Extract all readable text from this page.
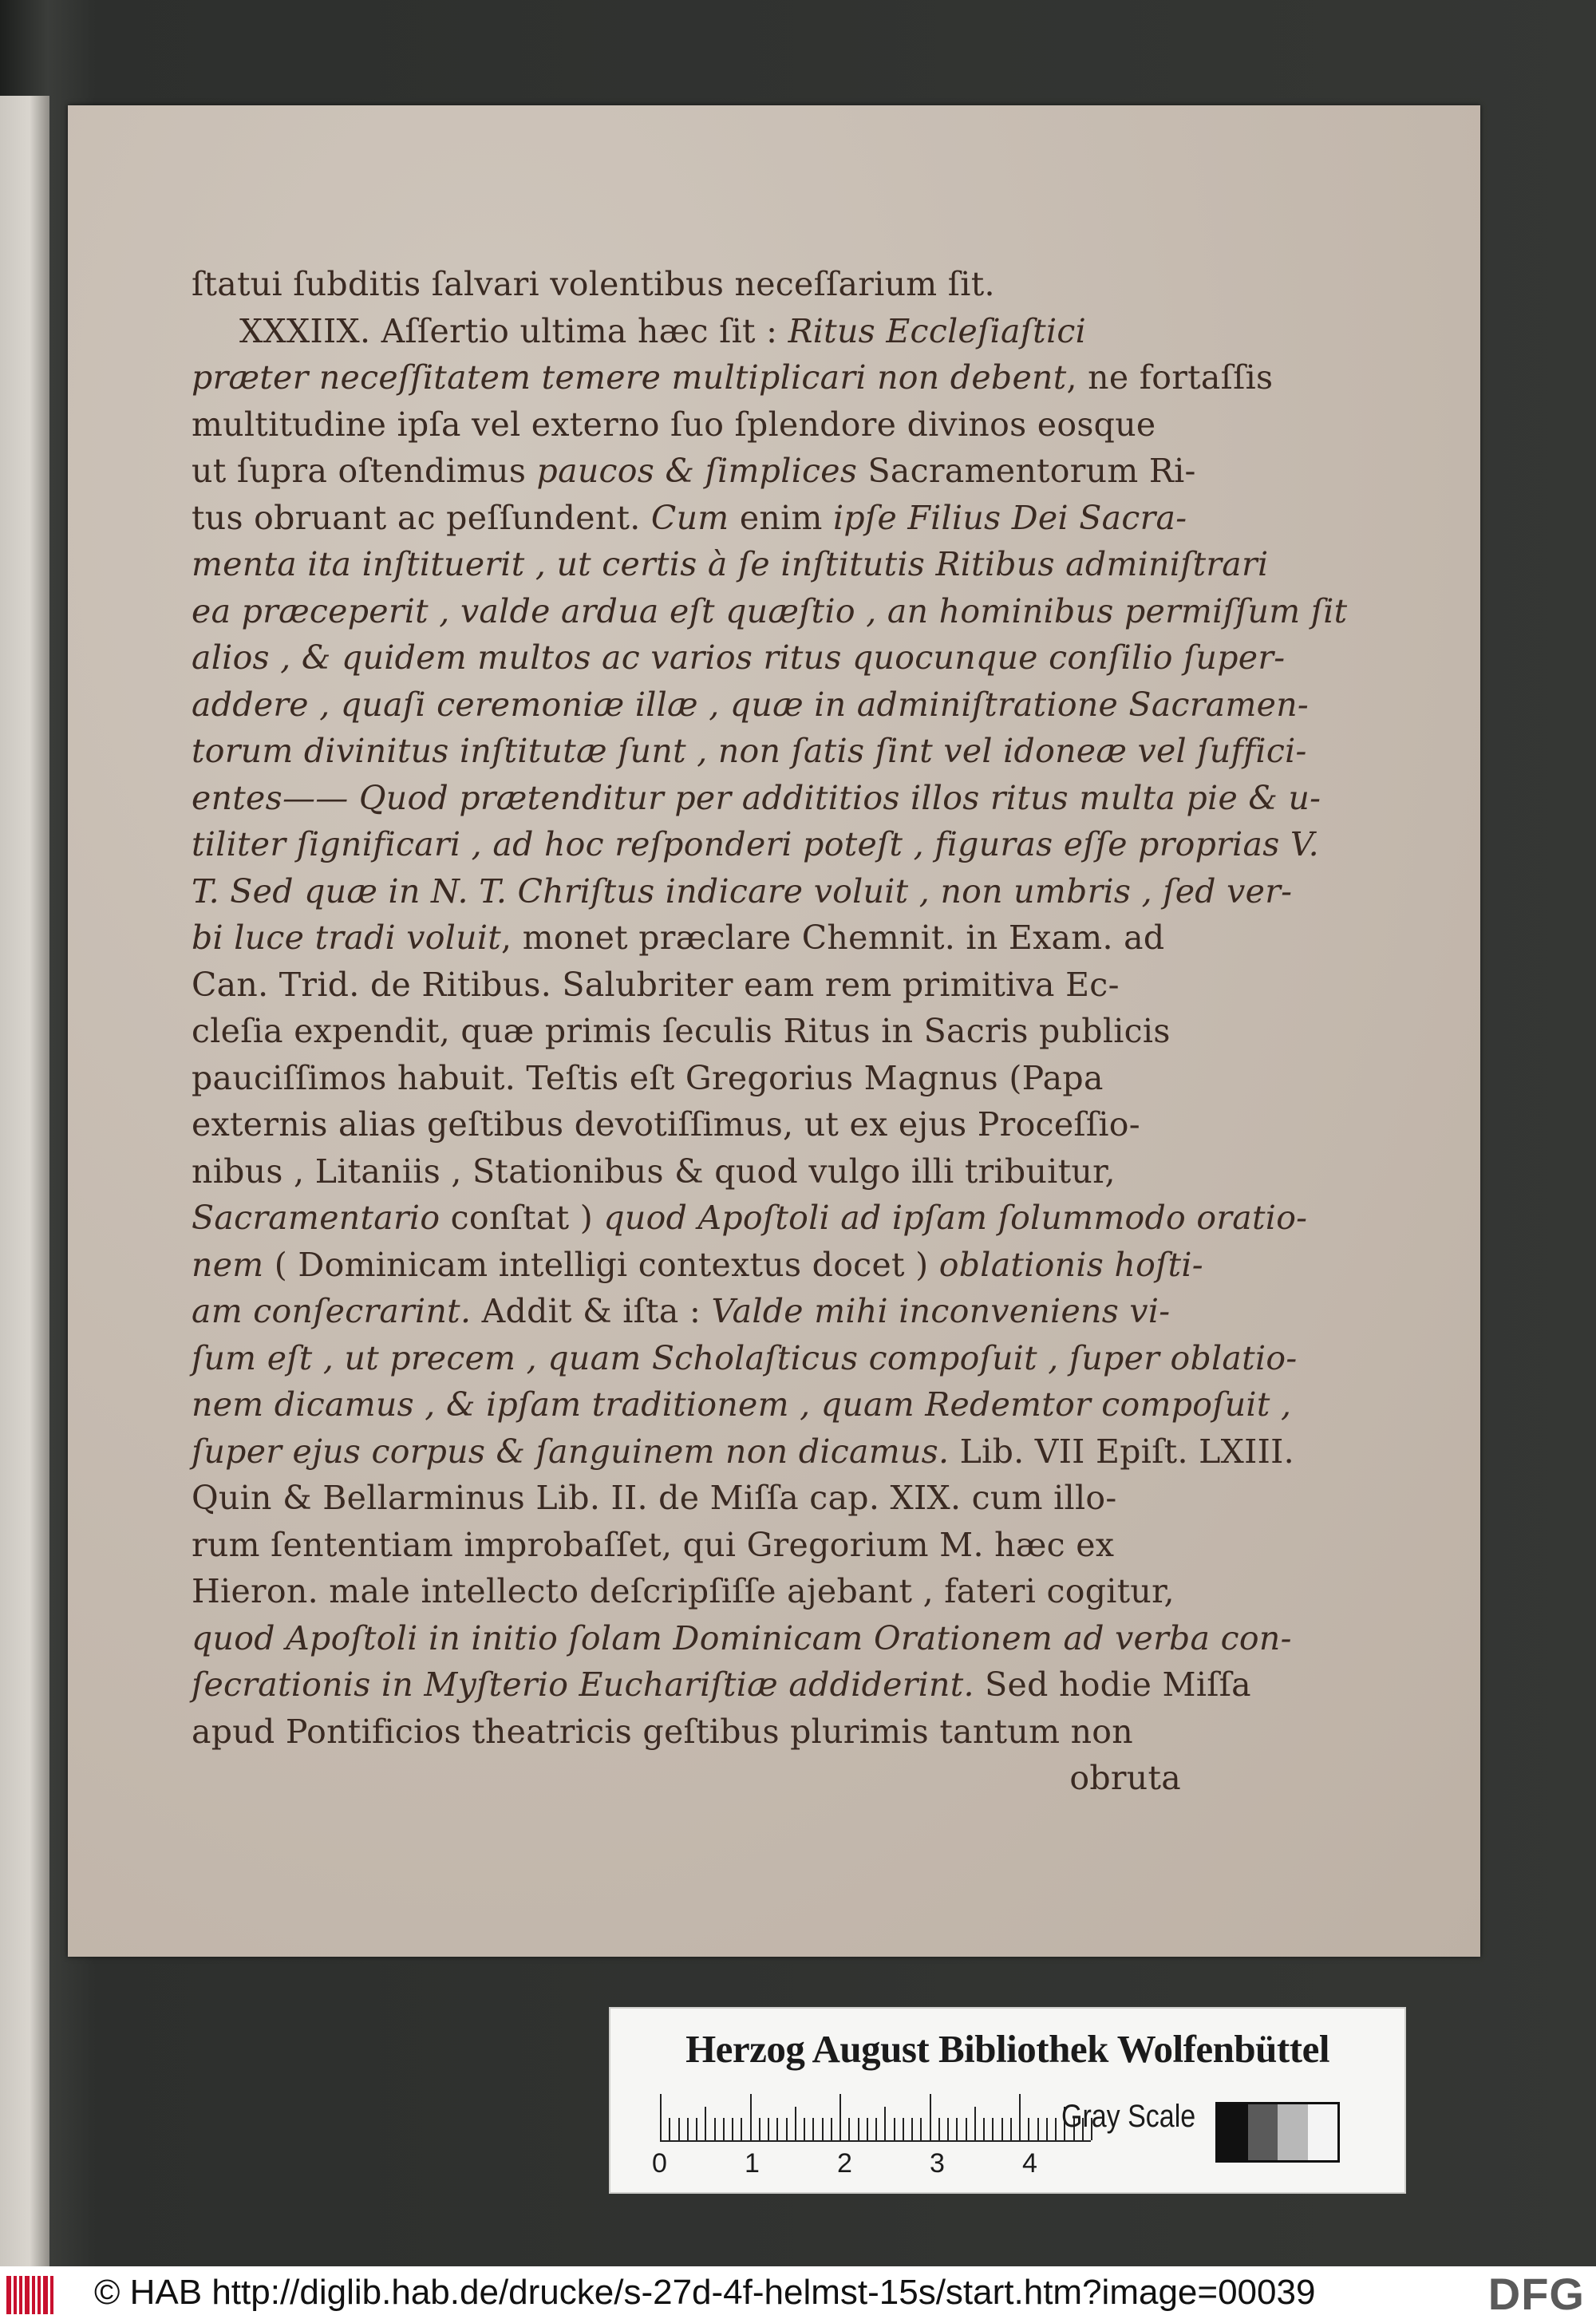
ſtatui ſubditis ſalvari volentibus neceſſarium ſit.

XXXIIX. Aſſertio ultima hæc ſit : Ritus Eccleſiaſtici

præter neceſſitatem temere multiplicari non debent, ne fortaſſis

multitudine ipſa vel externo ſuo ſplendore divinos eosque

ut ſupra oſtendimus paucos & ſimplices Sacramentorum Ri-

tus obruant ac peſſundent. Cum enim ipſe Filius Dei Sacra-

menta ita inſtituerit , ut certis à ſe inſtitutis Ritibus adminiſtrari

ea præceperit , valde ardua eſt quæſtio , an hominibus permiſſum ſit

alios , & quidem multos ac varios ritus quocunque conſilio ſuper-

addere , quaſi ceremoniæ illæ , quæ in adminiſtratione Sacramen-

torum divinitus inſtitutæ ſunt , non ſatis ſint vel idoneæ vel ſuffici-

entes—— Quod prætenditur per addititios illos ritus multa pie & u-

tiliter ſignificari , ad hoc reſponderi poteſt , figuras eſſe proprias V.

T. Sed quæ in N. T. Chriſtus indicare voluit , non umbris , ſed ver-

bi luce tradi voluit, monet præclare Chemnit. in Exam. ad

Can. Trid. de Ritibus. Salubriter eam rem primitiva Ec-

cleſia expendit, quæ primis ſeculis Ritus in Sacris publicis

pauciſſimos habuit. Teſtis eſt Gregorius Magnus (Papa

externis alias geſtibus devotiſſimus, ut ex ejus Proceſſio-

nibus , Litaniis , Stationibus & quod vulgo illi tribuitur,

Sacramentario conſtat ) quod Apoſtoli ad ipſam ſolummodo oratio-

nem ( Dominicam intelligi contextus docet ) oblationis hoſti-

am conſecrarint. Addit & iſta : Valde mihi inconveniens vi-

ſum eſt , ut precem , quam Scholaſticus compoſuit , ſuper oblatio-

nem dicamus , & ipſam traditionem , quam Redemtor compoſuit ,

ſuper ejus corpus & ſanguinem non dicamus. Lib. VII Epiſt. LXIII.

Quin & Bellarminus Lib. II. de Miſſa cap. XIX. cum illo-

rum ſententiam improbaſſet, qui Gregorium M. hæc ex

Hieron. male intellecto deſcripſiſſe ajebant , fateri cogitur,

quod Apoſtoli in initio ſolam Dominicam Orationem ad verba con-

ſecrationis in Myſterio Euchariſtiæ addiderint. Sed hodie Miſſa

apud Pontificios theatricis geſtibus plurimis tantum non

obruta

Herzog August Bibliothek Wolfenbüttel
0	1	2	3	4
Gray Scale
© HAB http://diglib.hab.de/drucke/s-27d-4f-helmst-15s/start.htm?image=00039	DFG
